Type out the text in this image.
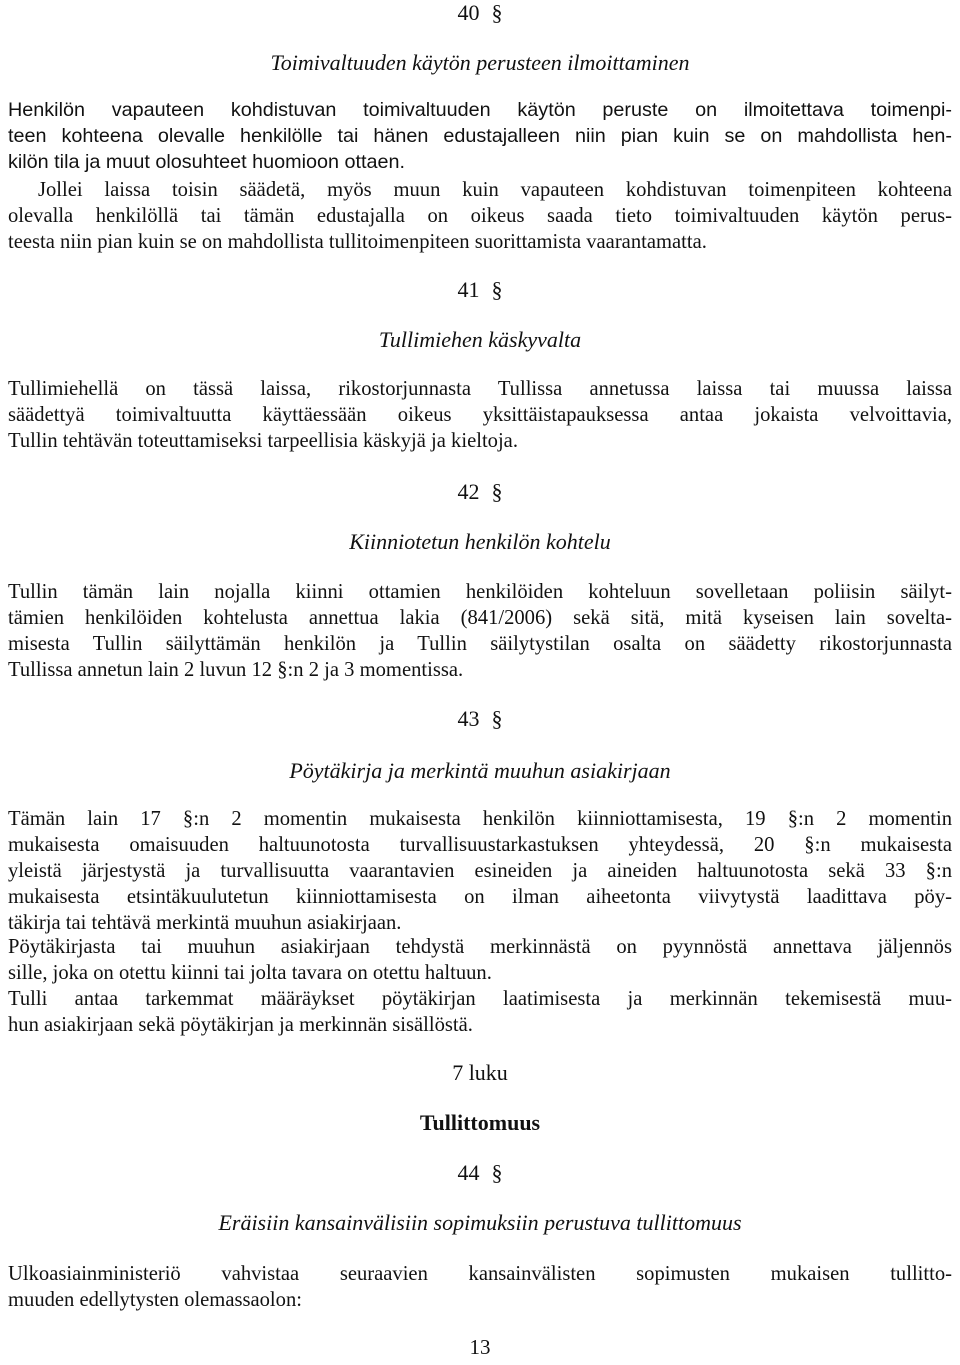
40 §
Toimivaltuuden käytön perusteen ilmoittaminen
Henkilön vapauteen kohdistuvan toimivaltuuden käytön peruste on ilmoitettava toimenpi-
teen kohteena olevalle henkilölle tai hänen edustajalleen niin pian kuin se on mahdollista hen-
kilön tila ja muut olosuhteet huomioon ottaen.
Jollei laissa toisin säädetä, myös muun kuin vapauteen kohdistuvan toimenpiteen kohteena
olevalla henkilöllä tai tämän edustajalla on oikeus saada tieto toimivaltuuden käytön perus-
teesta niin pian kuin se on mahdollista tullitoimenpiteen suorittamista vaarantamatta.
41 §
Tullimiehen käskyvalta
Tullimiehellä on tässä laissa, rikostorjunnasta Tullissa annetussa laissa tai muussa laissa
säädettyä toimivaltuutta käyttäessään oikeus yksittäistapauksessa antaa jokaista velvoittavia,
Tullin tehtävän toteuttamiseksi tarpeellisia käskyjä ja kieltoja.
42 §
Kiinniotetun henkilön kohtelu
Tullin tämän lain nojalla kiinni ottamien henkilöiden kohteluun sovelletaan poliisin säilyt-
tämien henkilöiden kohtelusta annettua lakia (841/2006) sekä sitä, mitä kyseisen lain soveltа-
misesta Tullin säilyttämän henkilön ja Tullin säilytystilan osalta on säädetty rikostorjunnasta
Tullissa annetun lain 2 luvun 12 §:n 2 ja 3 momentissa.
43 §
Pöytäkirja ja merkintä muuhun asiakirjaan
Tämän lain 17 §:n 2 momentin mukaisesta henkilön kiinniottamisesta, 19 §:n 2 momentin
mukaisesta omaisuuden haltuunotosta turvallisuustarkastuksen yhteydessä, 20 §:n mukaisesta
yleistä järjestystä ja turvallisuutta vaarantavien esineiden ja aineiden haltuunotosta sekä 33 §:n
mukaisesta etsintäkuulutetun kiinniottamisesta on ilman aiheetonta viivytystä laadittava pöy-
täkirja tai tehtävä merkintä muuhun asiakirjaan.
Pöytäkirjasta tai muuhun asiakirjaan tehdystä merkinnästä on pyynnöstä annettava jäljennös
sille, joka on otettu kiinni tai jolta tavara on otettu haltuun.
Tulli antaa tarkemmat määräykset pöytäkirjan laatimisesta ja merkinnän tekemisestä muu-
hun asiakirjaan sekä pöytäkirjan ja merkinnän sisällöstä.
7 luku
Tullittomuus
44 §
Eräisiin kansainvälisiin sopimuksiin perustuva tullittomuus
Ulkoasiainministeriö vahvistaa seuraavien kansainvälisten sopimusten mukaisen tullitto-
muuden edellytysten olemassaolon:
13
